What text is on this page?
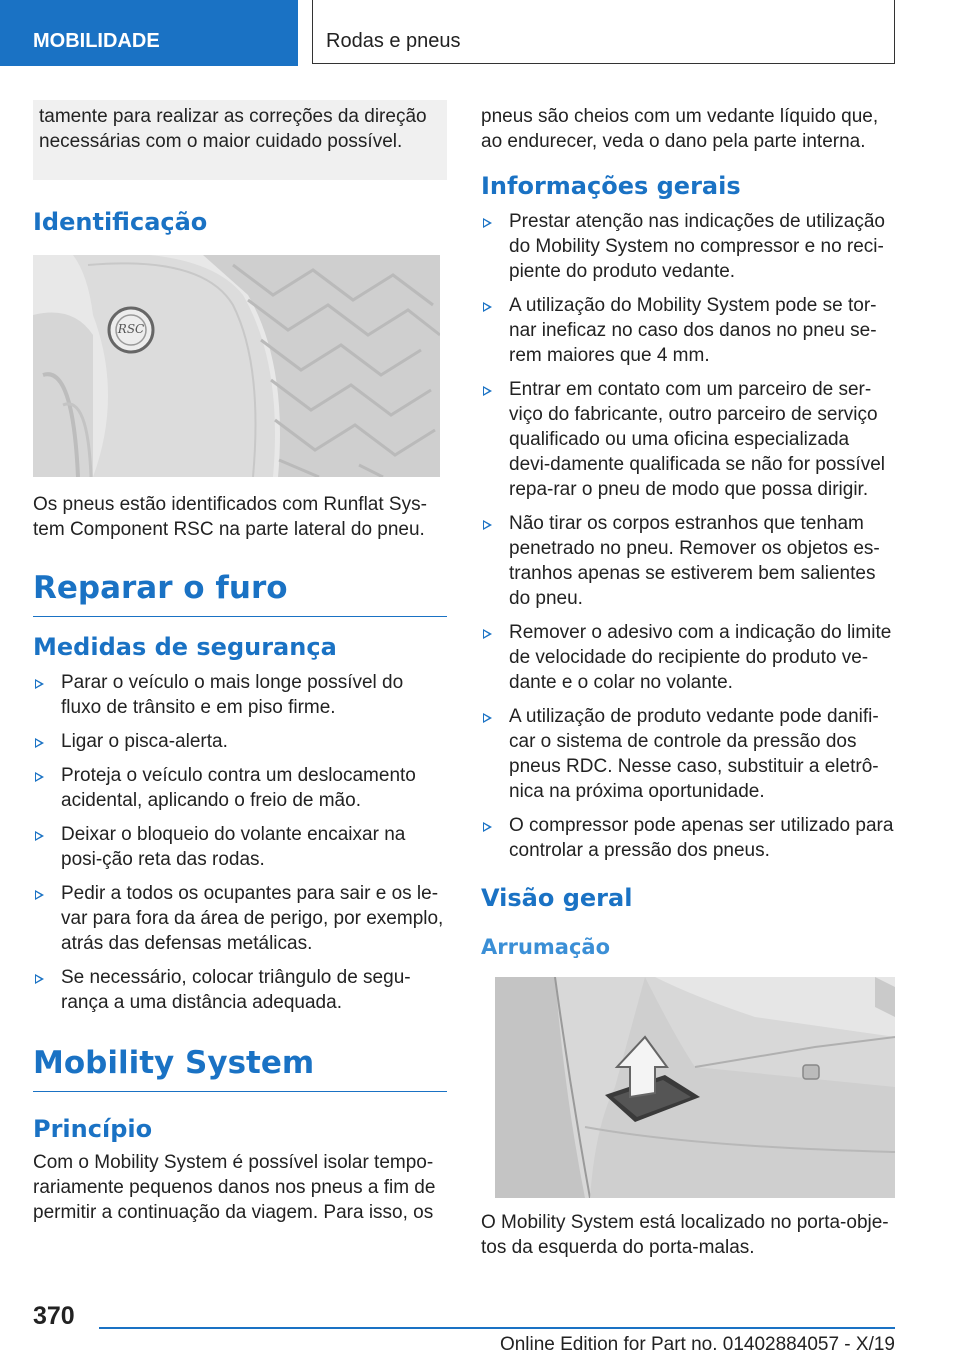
MOBILIDADE	Rodas e pneus
tamente para realizar as correções da direção necessárias com o maior cuidado possível.
Identificação
RSC
Os pneus estão identificados com Runflat Sys-tem Component RSC na parte lateral do pneu.
Reparar o furo
Medidas de segurança
Parar o veículo o mais longe possível do fluxo de trânsito e em piso firme.
Ligar o pisca-alerta.
Proteja o veículo contra um deslocamento acidental, aplicando o freio de mão.
Deixar o bloqueio do volante encaixar na posi-ção reta das rodas.
Pedir a todos os ocupantes para sair e os le-var para fora da área de perigo, por exemplo, atrás das defensas metálicas.
Se necessário, colocar triângulo de segu-rança a uma distância adequada.
Mobility System
Princípio
Com o Mobility System é possível isolar tempo-rariamente pequenos danos nos pneus a fim de permitir a continuação da viagem. Para isso, os
pneus são cheios com um vedante líquido que, ao endurecer, veda o dano pela parte interna.
Informações gerais
Prestar atenção nas indicações de utilização do Mobility System no compressor e no reci-piente do produto vedante.
A utilização do Mobility System pode se tor-nar ineficaz no caso dos danos no pneu se-rem maiores que 4 mm.
Entrar em contato com um parceiro de ser-viço do fabricante, outro parceiro de serviço qualificado ou uma oficina especializada devi-damente qualificada se não for possível repa-rar o pneu de modo que possa dirigir.
Não tirar os corpos estranhos que tenham penetrado no pneu. Remover os objetos es-tranhos apenas se estiverem bem salientes do pneu.
Remover o adesivo com a indicação do limite de velocidade do recipiente do produto ve-dante e o colar no volante.
A utilização de produto vedante pode danifi-car o sistema de controle da pressão dos pneus RDC. Nesse caso, substituir a eletrô-nica na próxima oportunidade.
O compressor pode apenas ser utilizado para controlar a pressão dos pneus.
Visão geral
Arrumação
O Mobility System está localizado no porta-obje-tos da esquerda do porta-malas.
370
Online Edition for Part no. 01402884057 - X/19
